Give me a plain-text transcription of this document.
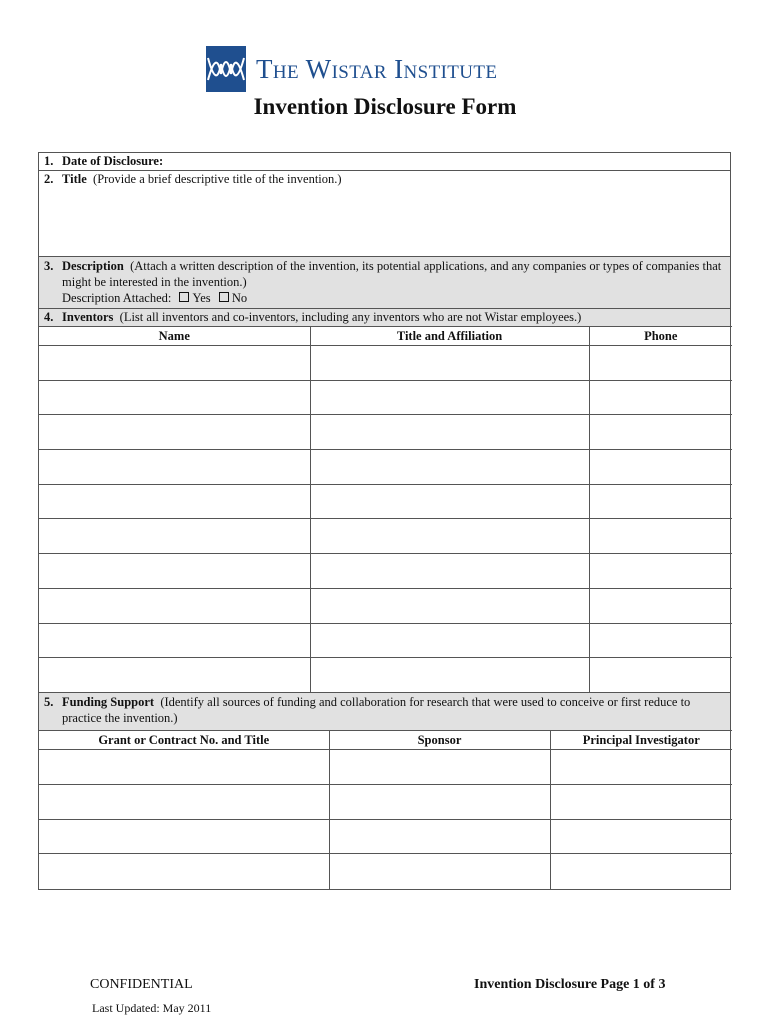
The Wistar Institute
Invention Disclosure Form
1. Date of Disclosure:
2. Title (Provide a brief descriptive title of the invention.)
3. Description (Attach a written description of the invention, its potential applications, and any companies or types of companies that might be interested in the invention.)
Description Attached: Yes No
4. Inventors (List all inventors and co-inventors, including any inventors who are not Wistar employees.)
Name	Title and Affiliation	Phone

5. Funding Support (Identify all sources of funding and collaboration for research that were used to conceive or first reduce to practice the invention.)
Grant or Contract No. and Title	Sponsor	Principal Investigator

CONFIDENTIAL
Last Updated: May 2011
Invention Disclosure Page 1 of 3
